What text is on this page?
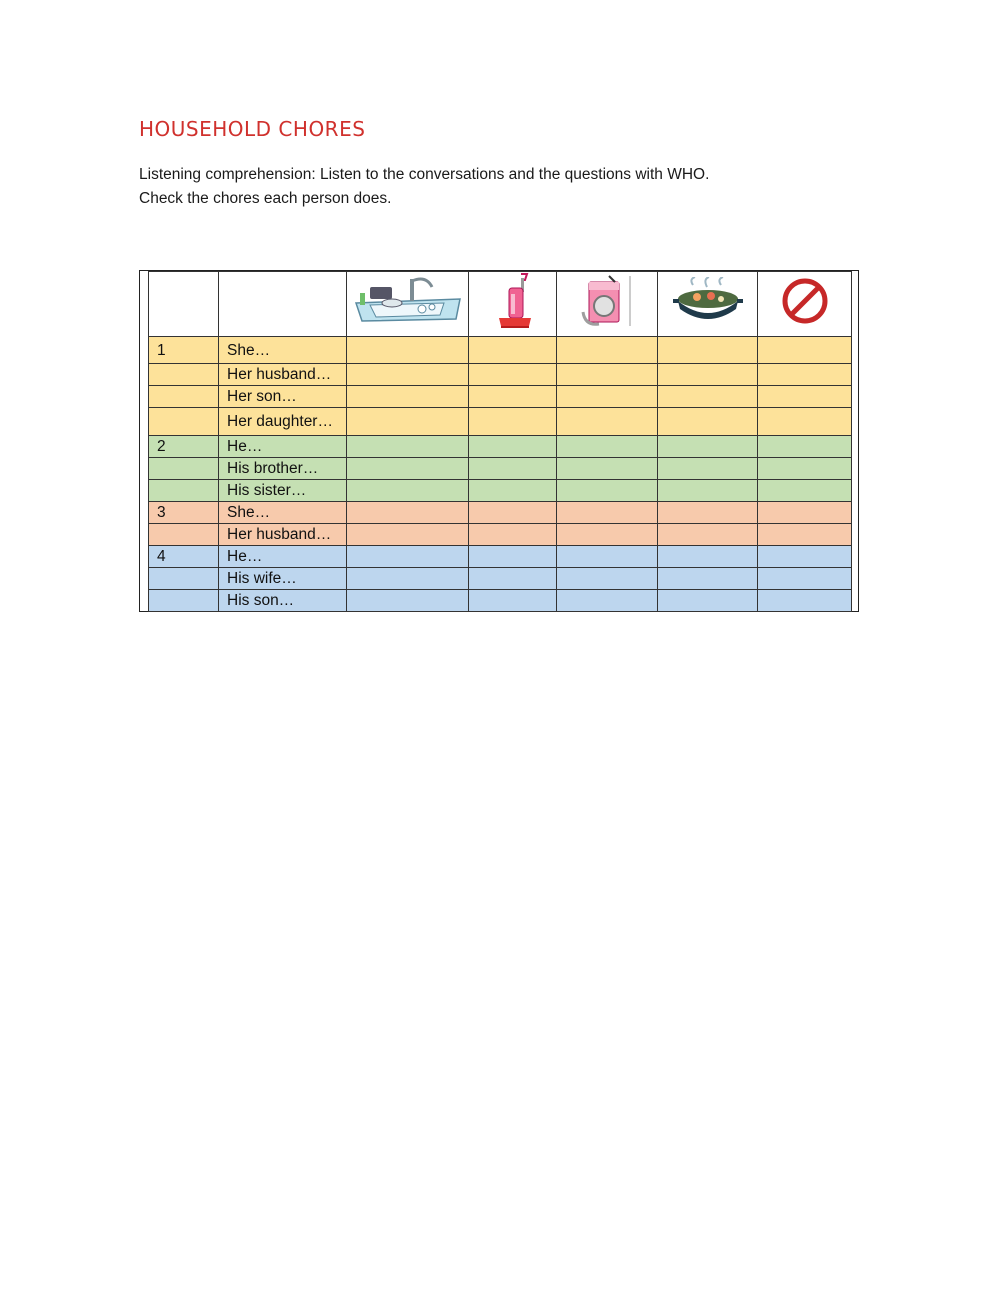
HOUSEHOLD CHORES
Listening comprehension: Listen to the conversations and the questions with WHO.
Check the chores each person does.

1	She…					
	Her husband…					
	Her son…					
	Her daughter…					
2	He…					
	His brother…					
	His sister…					
3	She…					
	Her husband…					
4	He…					
	His wife…					
	His son…					
